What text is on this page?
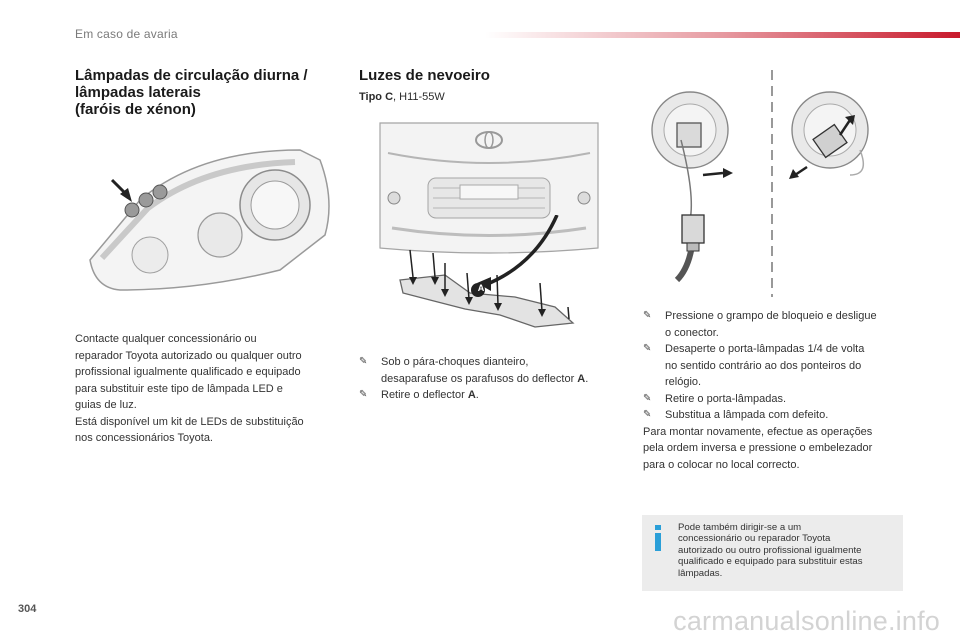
Em caso de avaria
Lâmpadas de circulação diurna /
lâmpadas laterais
(faróis de xénon)
Contacte qualquer concessionário ou
reparador Toyota autorizado ou qualquer outro
profissional igualmente qualificado e equipado
para substituir este tipo de lâmpada LED e
guias de luz.
Está disponível um kit de LEDs de substituição
nos concessionários Toyota.
Luzes de nevoeiro
Tipo C, H11-55W
A
✎ Sob o pára-choques dianteiro,
desaparafuse os parafusos do deflector A.
✎ Retire o deflector A.
✎ Pressione o grampo de bloqueio e desligue
o conector.
✎ Desaperte o porta-lâmpadas 1/4 de volta
no sentido contrário ao dos ponteiros do
relógio.
✎ Retire o porta-lâmpadas.
✎ Substitua a lâmpada com defeito.
Para montar novamente, efectue as operações
pela ordem inversa e pressione o embelezador
para o colocar no local correcto.
Pode também dirigir-se a um
concessionário ou reparador Toyota
autorizado ou outro profissional igualmente
qualificado e equipado para substituir estas
lâmpadas.
304	carmanualsonline.info
